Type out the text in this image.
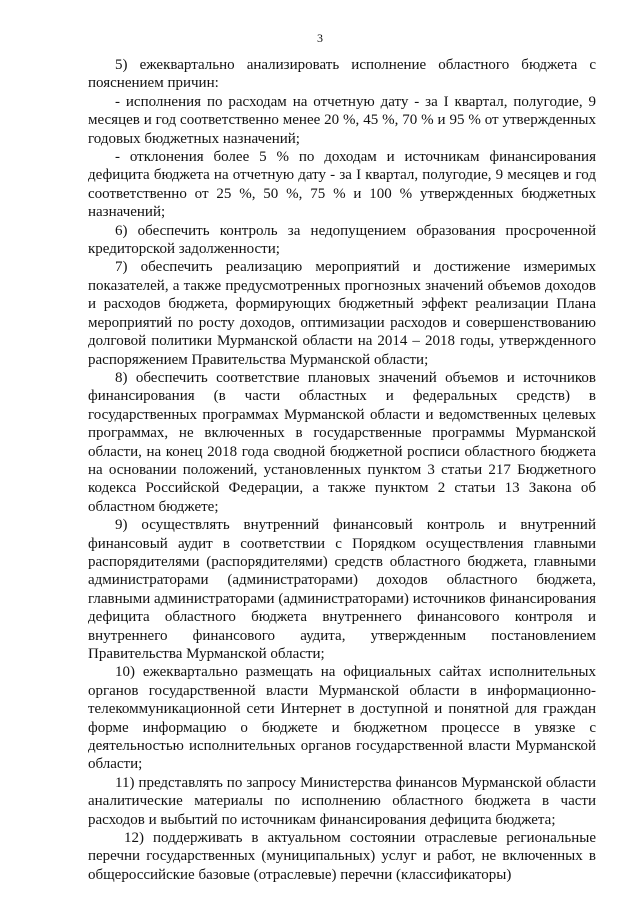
3

5) ежеквартально анализировать исполнение областного бюджета с пояснением причин:

- исполнения по расходам на отчетную дату - за I квартал, полугодие, 9 месяцев и год соответственно менее 20 %, 45 %, 70 % и 95 % от утвержденных годовых бюджетных назначений;

- отклонения более 5 % по доходам и источникам финансирования дефицита бюджета на отчетную дату - за I квартал, полугодие, 9 месяцев и год соответственно от 25 %, 50 %, 75 % и 100 % утвержденных бюджетных назначений;

6) обеспечить контроль за недопущением образования просроченной кредиторской задолженности;

7) обеспечить реализацию мероприятий и достижение измеримых показателей, а также предусмотренных прогнозных значений объемов доходов и расходов бюджета, формирующих бюджетный эффект реализации Плана мероприятий по росту доходов, оптимизации расходов и совершенствованию долговой политики Мурманской области на 2014 – 2018 годы, утвержденного распоряжением Правительства Мурманской области;

8) обеспечить соответствие плановых значений объемов и источников финансирования (в части областных и федеральных средств) в государственных программах Мурманской области и ведомственных целевых программах, не включенных в государственные программы Мурманской области, на конец 2018 года сводной бюджетной росписи областного бюджета на основании положений, установленных пунктом 3 статьи 217 Бюджетного кодекса Российской Федерации, а также пунктом 2 статьи 13 Закона об областном бюджете;

9) осуществлять внутренний финансовый контроль и внутренний финансовый аудит в соответствии с Порядком осуществления главными распорядителями (распорядителями) средств областного бюджета, главными администраторами (администраторами) доходов областного бюджета, главными администраторами (администраторами) источников финансирования дефицита областного бюджета внутреннего финансового контроля и внутреннего финансового аудита, утвержденным постановлением Правительства Мурманской области;

10) ежеквартально размещать на официальных сайтах исполнительных органов государственной власти Мурманской области в информационно-телекоммуникационной сети Интернет в доступной и понятной для граждан форме информацию о бюджете и бюджетном процессе в увязке с деятельностью исполнительных органов государственной власти Мурманской области;

11) представлять по запросу Министерства финансов Мурманской области аналитические материалы по исполнению областного бюджета в части расходов и выбытий по источникам финансирования дефицита бюджета;

12) поддерживать в актуальном состоянии отраслевые региональные перечни государственных (муниципальных) услуг и работ, не включенных в общероссийские базовые (отраслевые) перечни (классификаторы)
